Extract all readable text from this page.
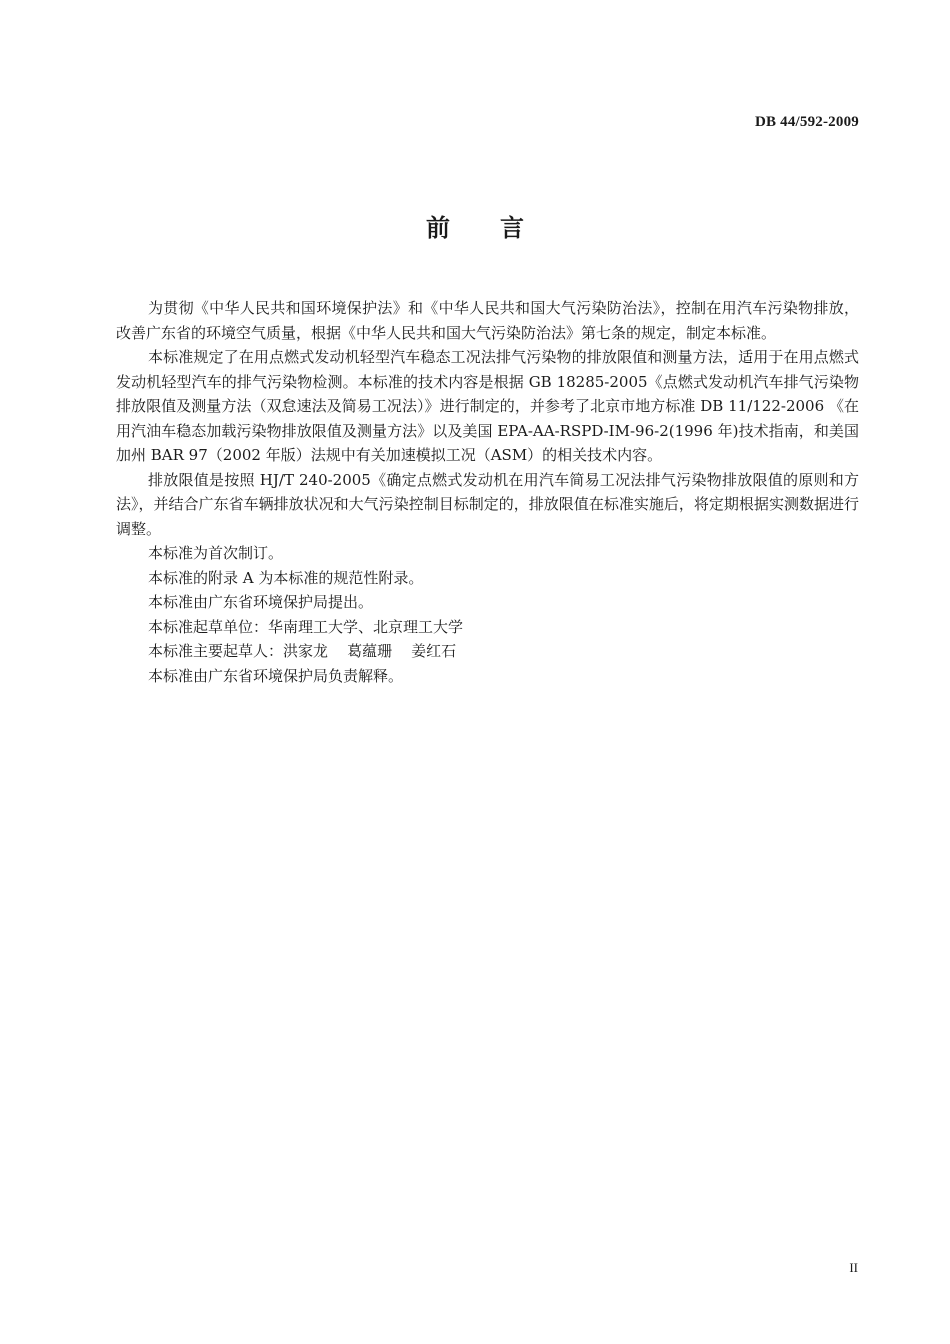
DB 44/592-2009
前 言

为贯彻《中华人民共和国环境保护法》和《中华人民共和国大气污染防治法》，控制在用汽车污染物排放，改善广东省的环境空气质量，根据《中华人民共和国大气污染防治法》第七条的规定，制定本标准。

本标准规定了在用点燃式发动机轻型汽车稳态工况法排气污染物的排放限值和测量方法，适用于在用点燃式发动机轻型汽车的排气污染物检测。本标准的技术内容是根据 GB 18285-2005《点燃式发动机汽车排气污染物排放限值及测量方法（双怠速法及简易工况法）》进行制定的，并参考了北京市地方标准 DB 11/122-2006 《在用汽油车稳态加载污染物排放限值及测量方法》以及美国 EPA-AA-RSPD-IM-96-2(1996 年)技术指南，和美国加州 BAR 97（2002 年版）法规中有关加速模拟工况（ASM）的相关技术内容。

排放限值是按照 HJ/T 240-2005《确定点燃式发动机在用汽车简易工况法排气污染物排放限值的原则和方法》，并结合广东省车辆排放状况和大气污染控制目标制定的，排放限值在标准实施后，将定期根据实测数据进行调整。

本标准为首次制订。

本标准的附录 A 为本标准的规范性附录。

本标准由广东省环境保护局提出。

本标准起草单位：华南理工大学、北京理工大学

本标准主要起草人：洪家龙    葛蕴珊    姜红石

本标准由广东省环境保护局负责解释。

II
